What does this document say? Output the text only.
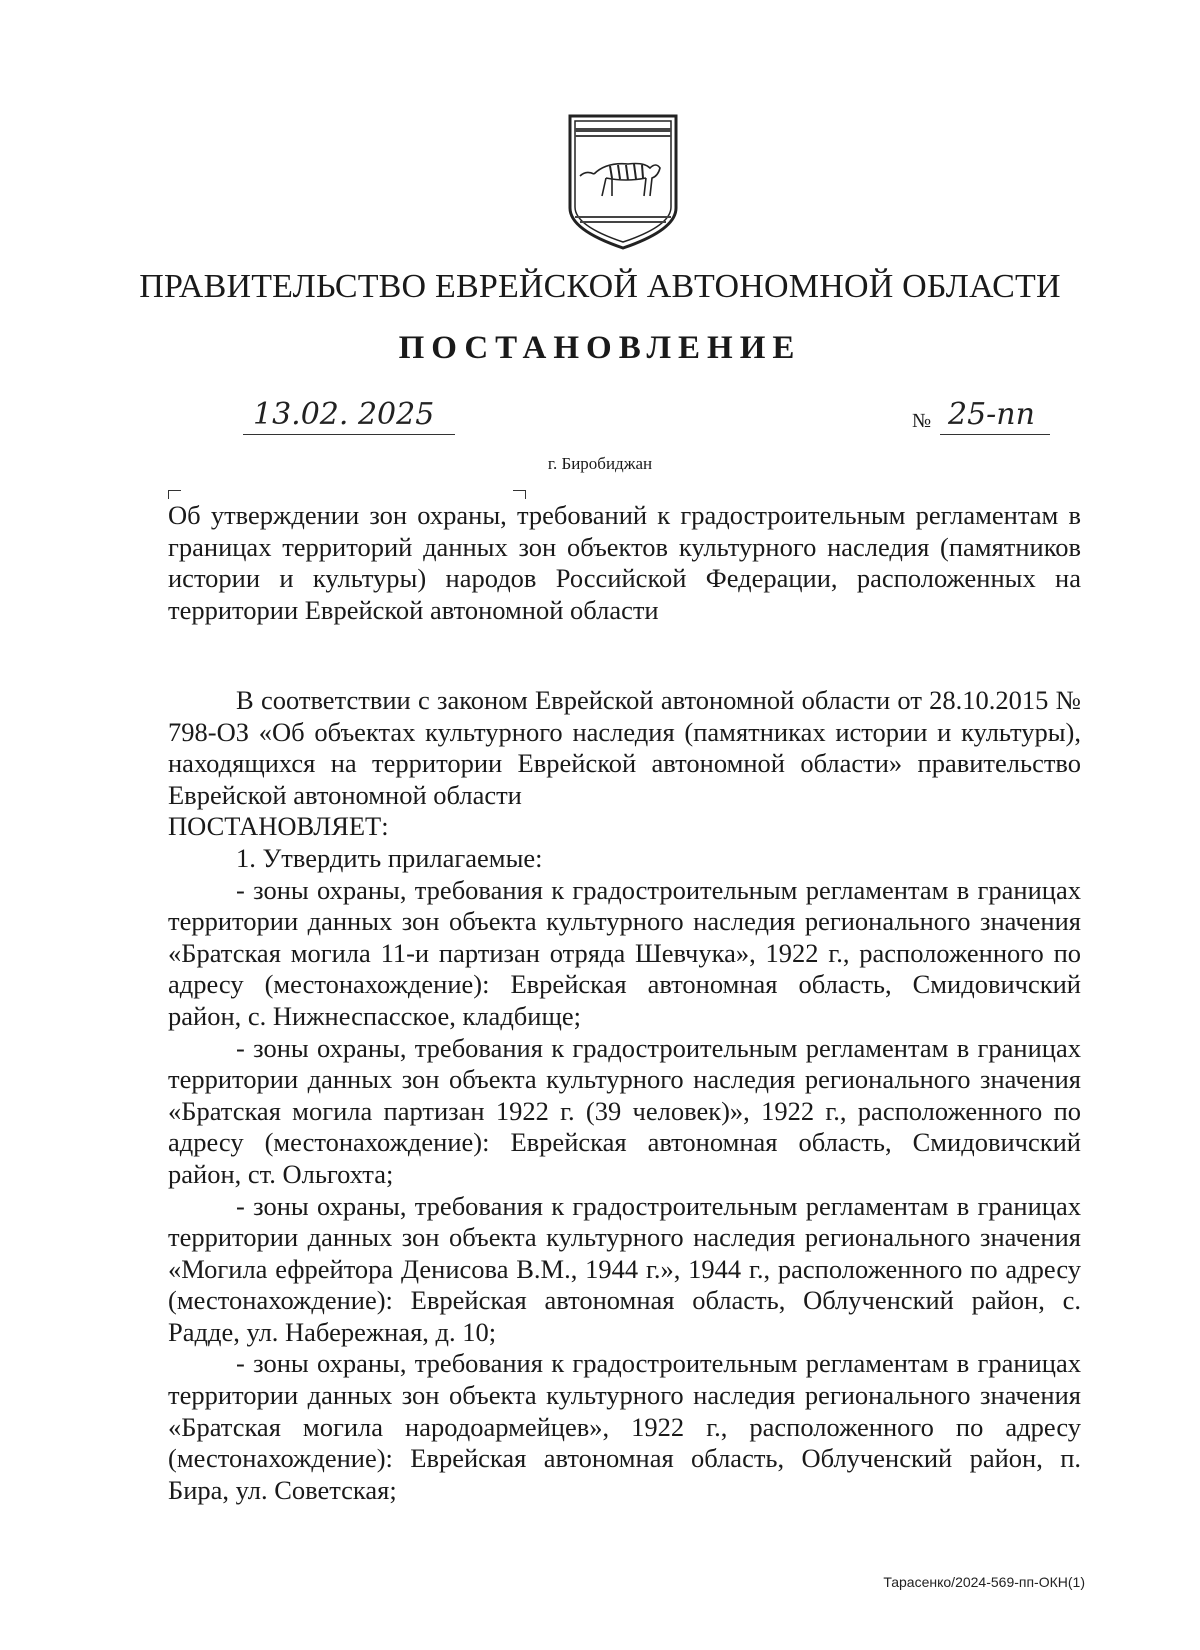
ПРАВИТЕЛЬСТВО ЕВРЕЙСКОЙ АВТОНОМНОЙ ОБЛАСТИ
ПОСТАНОВЛЕНИЕ
13.02. 2025	№ 25-пп
г. Биробиджан

Об утверждении зон охраны, требований к градостроительным регламентам в границах территорий данных зон объектов культурного наследия (памятников истории и культуры) народов Российской Федерации, расположенных на территории Еврейской автономной области

В соответствии с законом Еврейской автономной области от 28.10.2015 № 798-ОЗ «Об объектах культурного наследия (памятниках истории и культуры), находящихся на территории Еврейской автономной области» правительство Еврейской автономной области

ПОСТАНОВЛЯЕТ:

1. Утвердить прилагаемые:

- зоны охраны, требования к градостроительным регламентам в границах территории данных зон объекта культурного наследия регионального значения «Братская могила 11-и партизан отряда Шевчука», 1922 г., расположенного по адресу (местонахождение): Еврейская автономная область, Смидовичский район, с. Нижнеспасское, кладбище;

- зоны охраны, требования к градостроительным регламентам в границах территории данных зон объекта культурного наследия регионального значения «Братская могила партизан 1922 г. (39 человек)», 1922 г., расположенного по адресу (местонахождение): Еврейская автономная область, Смидовичский район, ст. Ольгохта;

- зоны охраны, требования к градостроительным регламентам в границах территории данных зон объекта культурного наследия регионального значения «Могила ефрейтора Денисова В.М., 1944 г.», 1944 г., расположенного по адресу (местонахождение): Еврейская автономная область, Облученский район, с. Радде, ул. Набережная, д. 10;

- зоны охраны, требования к градостроительным регламентам в границах территории данных зон объекта культурного наследия регионального значения «Братская могила народоармейцев», 1922 г., расположенного по адресу (местонахождение): Еврейская автономная область, Облученский район, п. Бира, ул. Советская;

Тарасенко/2024-569-пп-ОКН(1)
